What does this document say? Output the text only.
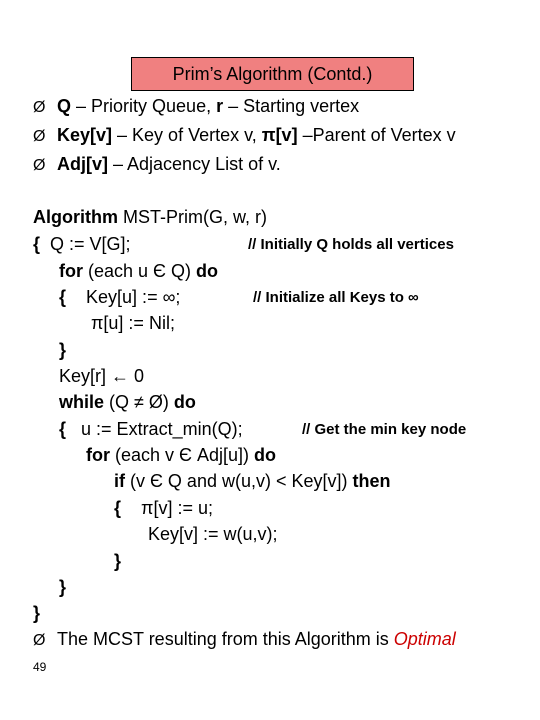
Prim’s Algorithm (Contd.)
Ø Q – Priority Queue, r – Starting vertex
Ø Key[v] – Key of Vertex v, π[v] –Parent of Vertex v
Ø Adj[v] – Adjacency List of v.
Algorithm MST-Prim(G, w, r)
{ Q := V[G];	// Initially Q holds all vertices
for (each u Є Q) do
{ Key[u] := ∞;	// Initialize all Keys to ∞
π[u] := Nil;
}
Key[r] ← 0
while (Q ≠ Ø) do
{ u := Extract_min(Q);	// Get the min key node
for (each v Є Adj[u]) do
if (v Є Q and w(u,v) < Key[v]) then
{ π[v] := u;
Key[v] := w(u,v);
}
}
}
Ø The MCST resulting from this Algorithm is Optimal
49
